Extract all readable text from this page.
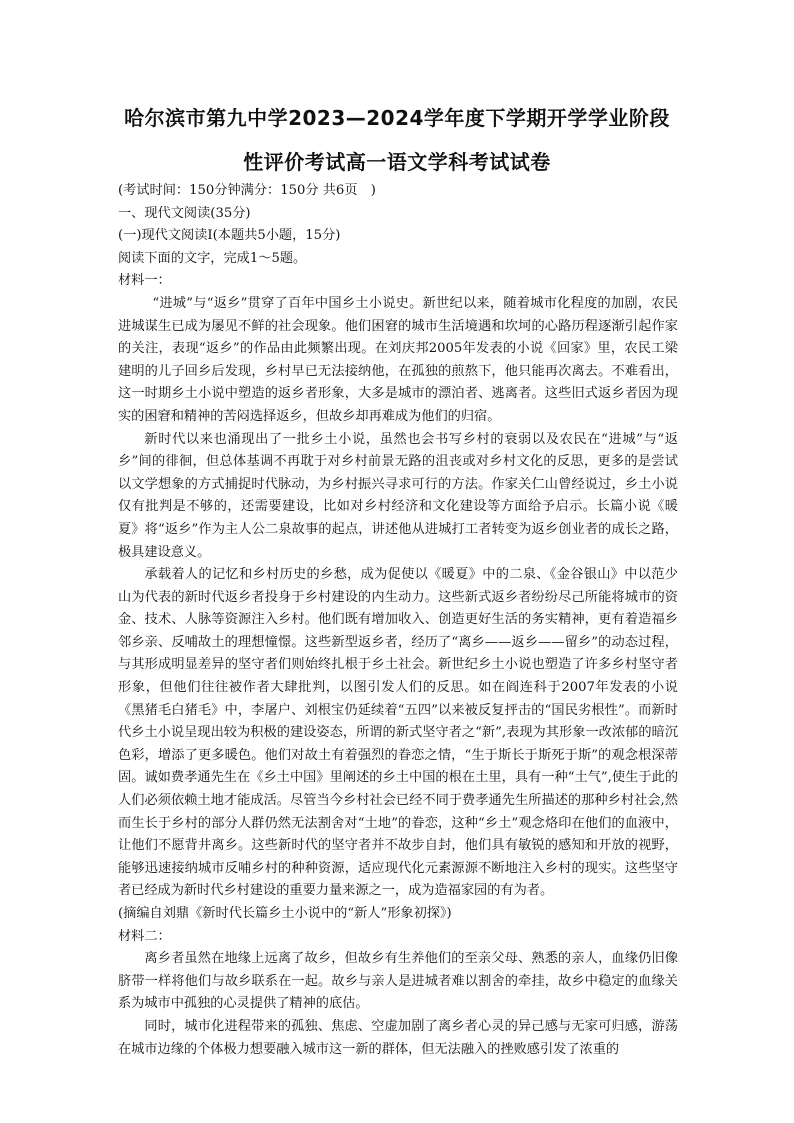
哈尔滨市第九中学2023—2024学年度下学期开学学业阶段
性评价考试高一语文学科考试试卷

(考试时间：150分钟满分：150分 共6页　)

一、现代文阅读(35分)

(一)现代文阅读Ⅰ(本题共5小题，15分)

阅读下面的文字，完成1～5题。

材料一：

“进城”与“返乡”贯穿了百年中国乡土小说史。新世纪以来，随着城市化程度的加剧，农民进城谋生已成为屡见不鲜的社会现象。他们困窘的城市生活境遇和坎坷的心路历程逐渐引起作家的关注，表现“返乡”的作品由此频繁出现。在刘庆邦2005年发表的小说《回家》里，农民工梁建明的儿子回乡后发现，乡村早已无法接纳他，在孤独的煎熬下，他只能再次离去。不难看出，这一时期乡土小说中塑造的返乡者形象，大多是城市的漂泊者、逃离者。这些旧式返乡者因为现实的困窘和精神的苦闷选择返乡，但故乡却再难成为他们的归宿。

新时代以来也涌现出了一批乡土小说，虽然也会书写乡村的衰弱以及农民在“进城”与“返乡”间的徘徊，但总体基调不再耽于对乡村前景无路的沮丧或对乡村文化的反思，更多的是尝试以文学想象的方式捕捉时代脉动，为乡村振兴寻求可行的方法。作家关仁山曾经说过，乡土小说仅有批判是不够的，还需要建设，比如对乡村经济和文化建设等方面给予启示。长篇小说《暖夏》将“返乡”作为主人公二泉故事的起点，讲述他从进城打工者转变为返乡创业者的成长之路，极具建设意义。

承载着人的记忆和乡村历史的乡愁，成为促使以《暖夏》中的二泉、《金谷银山》中以范少山为代表的新时代返乡者投身于乡村建设的内生动力。这些新式返乡者纷纷尽己所能将城市的资金、技术、人脉等资源注入乡村。他们既有增加收入、创造更好生活的务实精神，更有着造福乡邻乡亲、反哺故土的理想憧憬。这些新型返乡者，经历了“离乡——返乡——留乡”的动态过程，与其形成明显差异的坚守者们则始终扎根于乡土社会。新世纪乡土小说也塑造了许多乡村坚守者形象，但他们往往被作者大肆批判，以图引发人们的反思。如在阎连科于2007年发表的小说《黑猪毛白猪毛》中，李屠户、刘根宝仍延续着“五四”以来被反复抨击的“国民劣根性”。而新时代乡土小说呈现出较为积极的建设姿态，所谓的新式坚守者之“新”,表现为其形象一改浓郁的暗沉色彩，增添了更多暖色。他们对故土有着强烈的眷恋之情，“生于斯长于斯死于斯”的观念根深蒂固。诚如费孝通先生在《乡土中国》里阐述的乡土中国的根在土里，具有一种“土气”,使生于此的人们必须依赖土地才能成活。尽管当今乡村社会已经不同于费孝通先生所描述的那种乡村社会,然而生长于乡村的部分人群仍然无法割舍对“土地”的眷恋，这种“乡土”观念烙印在他们的血液中，让他们不愿背井离乡。这些新时代的坚守者并不故步自封，他们具有敏锐的感知和开放的视野，能够迅速接纳城市反哺乡村的种种资源，适应现代化元素源源不断地注入乡村的现实。这些坚守者已经成为新时代乡村建设的重要力量来源之一，成为造福家园的有为者。

(摘编自刘鼎《新时代长篇乡土小说中的“新人”形象初探》)

材料二：

离乡者虽然在地缘上远离了故乡，但故乡有生养他们的至亲父母、熟悉的亲人，血缘仍旧像脐带一样将他们与故乡联系在一起。故乡与亲人是进城者难以割舍的牵挂，故乡中稳定的血缘关系为城市中孤独的心灵提供了精神的底估。

同时，城市化进程带来的孤独、焦虑、空虚加剧了离乡者心灵的异己感与无家可归感，游荡在城市边缘的个体极力想要融入城市这一新的群体，但无法融入的挫败感引发了浓重的
